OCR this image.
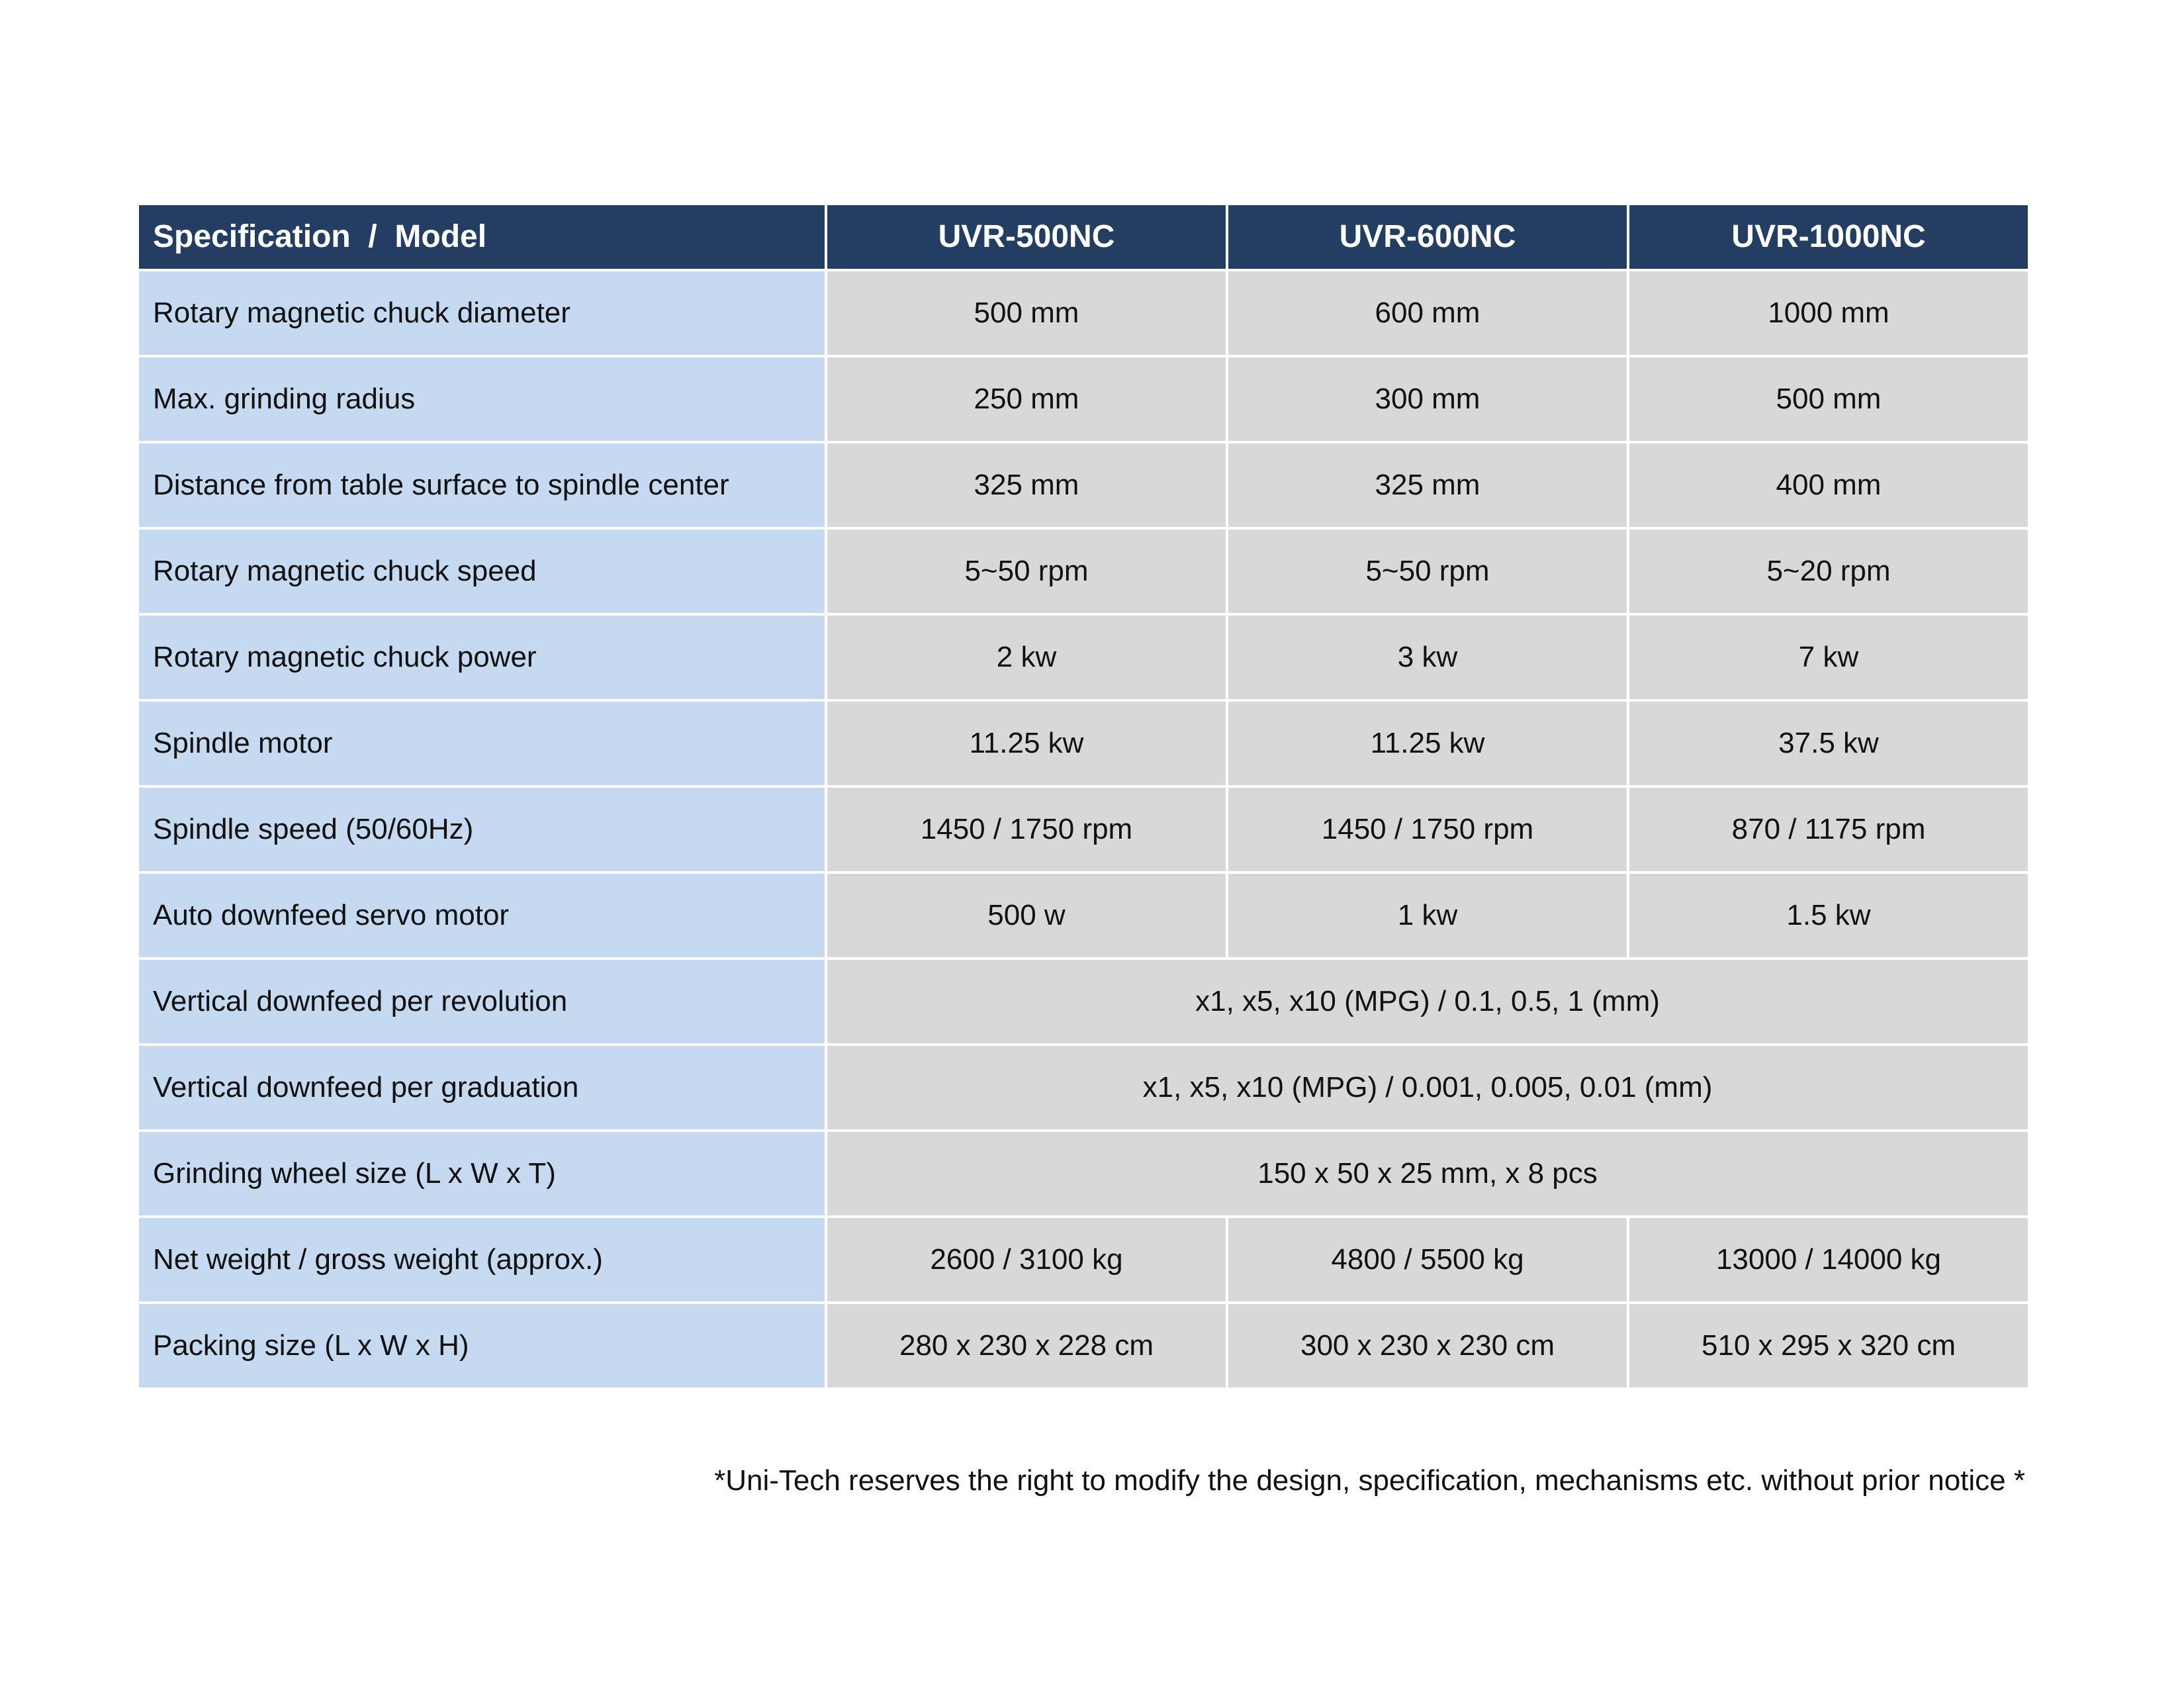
Specification  /  Model	UVR-500NC	UVR-600NC	UVR-1000NC
Rotary magnetic chuck diameter	500 mm	600 mm	1000 mm
Max. grinding radius	250 mm	300 mm	500 mm
Distance from table surface to spindle center	325 mm	325 mm	400 mm
Rotary magnetic chuck speed	5~50 rpm	5~50 rpm	5~20 rpm
Rotary magnetic chuck power	2 kw	3 kw	7 kw
Spindle motor	11.25 kw	11.25 kw	37.5 kw
Spindle speed (50/60Hz)	1450 / 1750 rpm	1450 / 1750 rpm	870 / 1175 rpm
Auto downfeed servo motor	500 w	1 kw	1.5 kw
Vertical downfeed per revolution	x1, x5, x10 (MPG) / 0.1, 0.5, 1 (mm)		
Vertical downfeed per graduation	x1, x5, x10 (MPG) / 0.001, 0.005, 0.01 (mm)		
Grinding wheel size (L x W x T)	150 x 50 x 25 mm, x 8 pcs		
Net weight / gross weight (approx.)	2600 / 3100 kg	4800 / 5500 kg	13000 / 14000 kg
Packing size (L x W x H)	280 x 230 x 228 cm	300 x 230 x 230 cm	510 x 295 x 320 cm
*Uni-Tech reserves the right to modify the design, specification, mechanisms etc. without prior notice *
